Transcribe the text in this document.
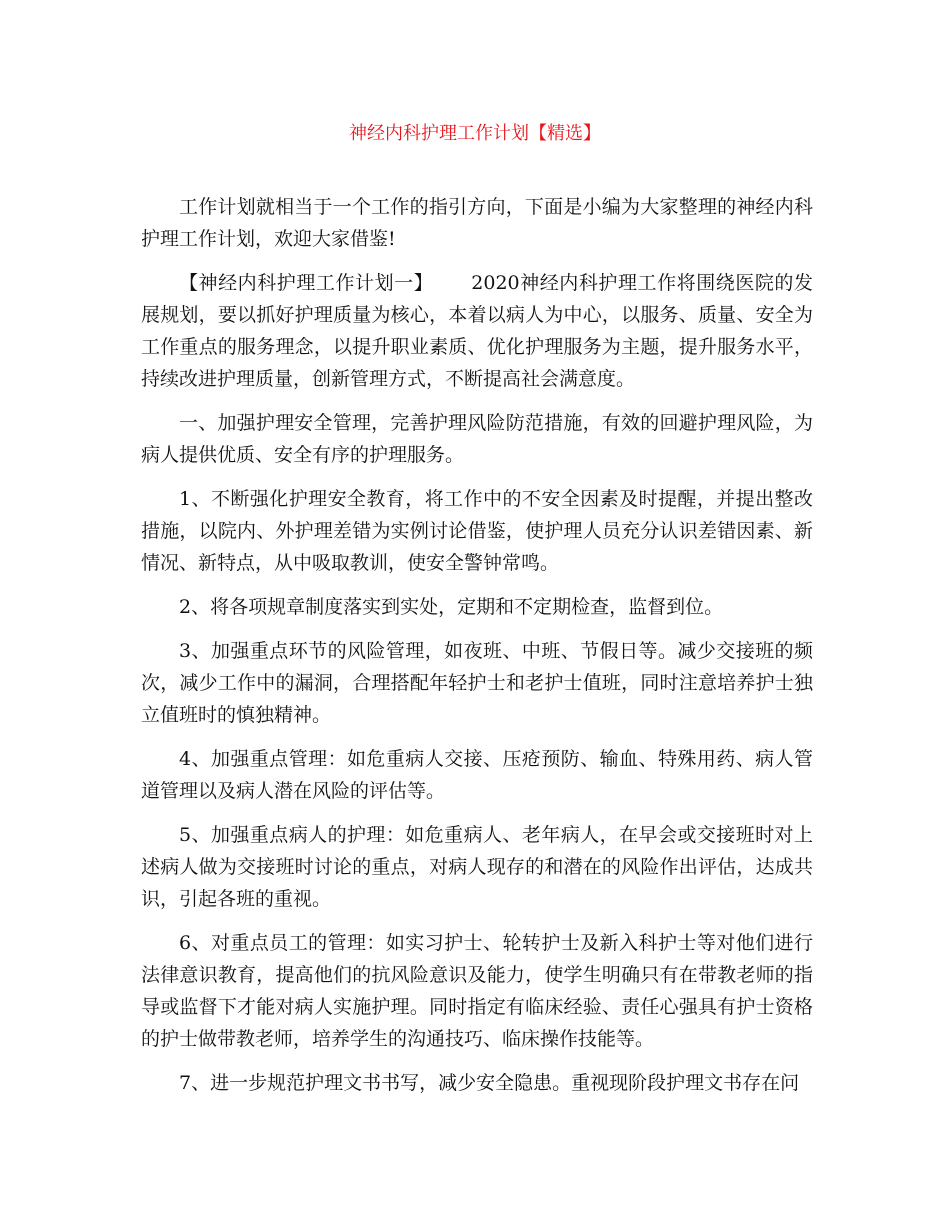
神经内科护理工作计划【精选】

工作计划就相当于一个工作的指引方向，下面是小编为大家整理的神经内科护理工作计划，欢迎大家借鉴!

【神经内科护理工作计划一】 2020神经内科护理工作将围绕医院的发展规划，要以抓好护理质量为核心，本着以病人为中心，以服务、质量、安全为工作重点的服务理念，以提升职业素质、优化护理服务为主题，提升服务水平，持续改进护理质量，创新管理方式，不断提高社会满意度。

一、加强护理安全管理，完善护理风险防范措施，有效的回避护理风险，为病人提供优质、安全有序的护理服务。

1、不断强化护理安全教育，将工作中的不安全因素及时提醒，并提出整改措施，以院内、外护理差错为实例讨论借鉴，使护理人员充分认识差错因素、新情况、新特点，从中吸取教训，使安全警钟常鸣。

2、将各项规章制度落实到实处，定期和不定期检查，监督到位。

3、加强重点环节的风险管理，如夜班、中班、节假日等。减少交接班的频次，减少工作中的漏洞，合理搭配年轻护士和老护士值班，同时注意培养护士独立值班时的慎独精神。

4、加强重点管理：如危重病人交接、压疮预防、输血、特殊用药、病人管道管理以及病人潜在风险的评估等。

5、加强重点病人的护理：如危重病人、老年病人，在早会或交接班时对上述病人做为交接班时讨论的重点，对病人现存的和潜在的风险作出评估，达成共识，引起各班的重视。

6、对重点员工的管理：如实习护士、轮转护士及新入科护士等对他们进行法律意识教育，提高他们的抗风险意识及能力，使学生明确只有在带教老师的指导或监督下才能对病人实施护理。同时指定有临床经验、责任心强具有护士资格的护士做带教老师，培养学生的沟通技巧、临床操作技能等。

7、进一步规范护理文书书写，减少安全隐患。重视现阶段护理文书存在问
